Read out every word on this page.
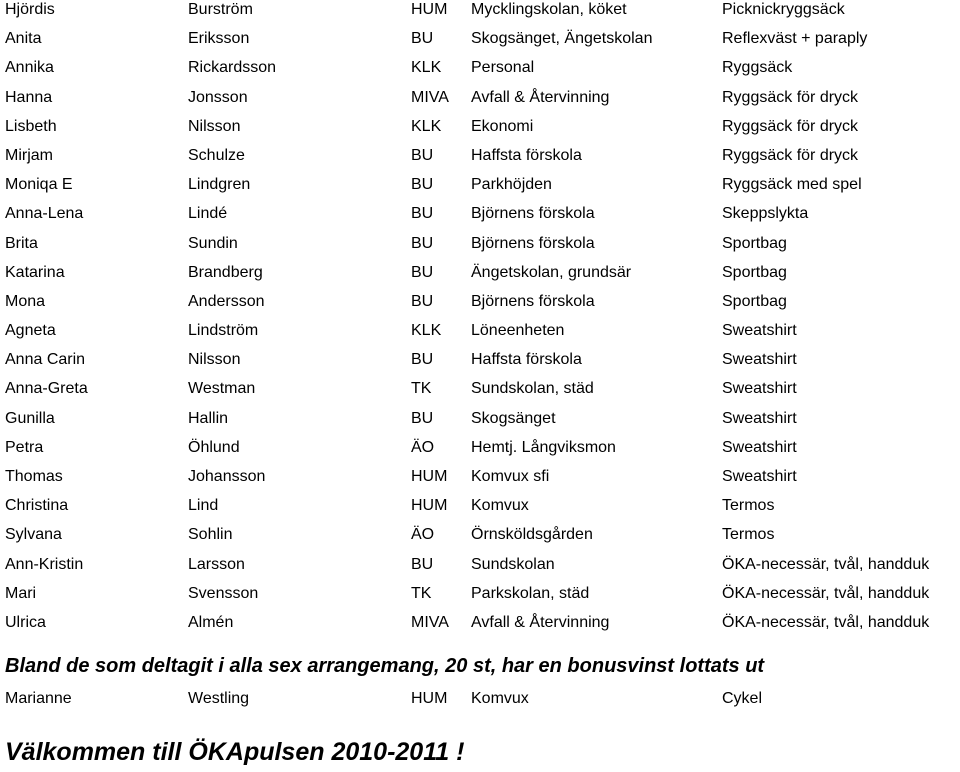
Hjördis	Burström	HUM Mycklingskolan, köket	Picknickryggsäck
Anita	Eriksson	BU Skogsänget, Ängetskolan	Reflexväst + paraply
Annika	Rickardsson	KLK Personal	Ryggsäck
Hanna	Jonsson	MIVA Avfall & Återvinning	Ryggsäck för dryck
Lisbeth	Nilsson	KLK Ekonomi	Ryggsäck för dryck
Mirjam	Schulze	BU Haffsta förskola	Ryggsäck för dryck
Moniqa E	Lindgren	BU Parkhöjden	Ryggsäck med spel
Anna-Lena	Lindé	BU Björnens förskola	Skeppslykta
Brita	Sundin	BU Björnens förskola	Sportbag
Katarina	Brandberg	BU Ängetskolan, grundsär	Sportbag
Mona	Andersson	BU Björnens förskola	Sportbag
Agneta	Lindström	KLK Löneenheten	Sweatshirt
Anna Carin	Nilsson	BU Haffsta förskola	Sweatshirt
Anna-Greta	Westman	TK Sundskolan, städ	Sweatshirt
Gunilla	Hallin	BU Skogsänget	Sweatshirt
Petra	Öhlund	ÄO Hemtj. Långviksmon	Sweatshirt
Thomas	Johansson	HUM Komvux sfi	Sweatshirt
Christina	Lind	HUM Komvux	Termos
Sylvana	Sohlin	ÄO Örnsköldsgården	Termos
Ann-Kristin	Larsson	BU Sundskolan	ÖKA-necessär, tvål, handduk
Mari	Svensson	TK Parkskolan, städ	ÖKA-necessär, tvål, handduk
Ulrica	Almén	MIVA Avfall & Återvinning	ÖKA-necessär, tvål, handduk
Bland de som deltagit i alla sex arrangemang, 20 st, har en bonusvinst lottats ut
Marianne	Westling	HUM Komvux	Cykel
Välkommen till ÖKApulsen 2010-2011 !
